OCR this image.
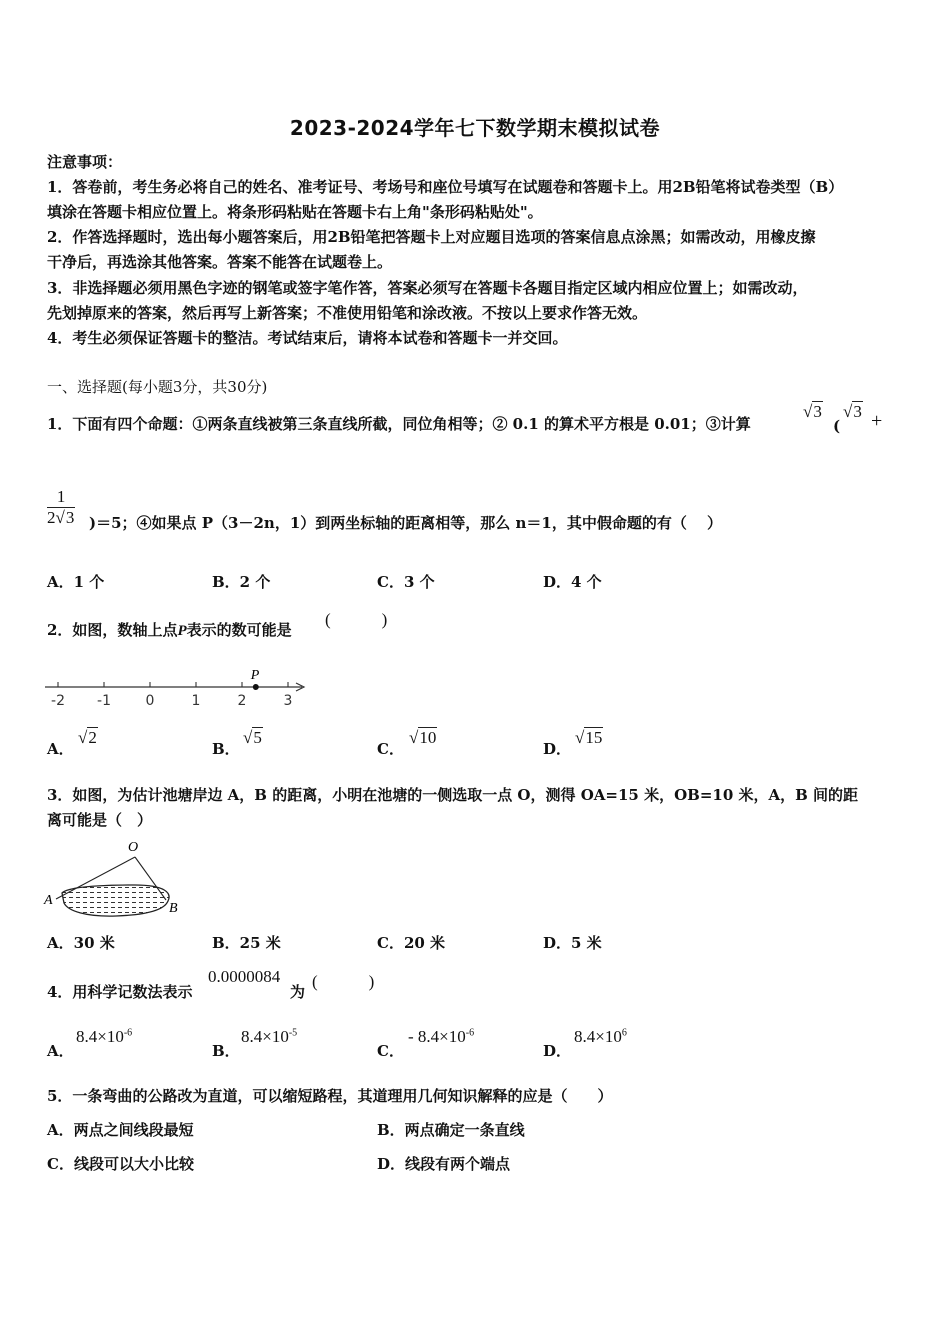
2023-2024学年七下数学期末模拟试卷
注意事项：
1．答卷前，考生务必将自己的姓名、准考证号、考场号和座位号填写在试题卷和答题卡上。用2B铅笔将试卷类型（B）
填涂在答题卡相应位置上。将条形码粘贴在答题卡右上角"条形码粘贴处"。
2．作答选择题时，选出每小题答案后，用2B铅笔把答题卡上对应题目选项的答案信息点涂黑；如需改动，用橡皮擦
干净后，再选涂其他答案。答案不能答在试题卷上。
3．非选择题必须用黑色字迹的钢笔或签字笔作答，答案必须写在答题卡各题目指定区域内相应位置上；如需改动，
先划掉原来的答案，然后再写上新答案；不准使用铅笔和涂改液。不按以上要求作答无效。
4．考生必须保证答题卡的整洁。考试结束后，请将本试卷和答题卡一并交回。
一、选择题(每小题3分，共30分)
1．下面有四个命题：①两条直线被第三条直线所截，同位角相等；② 0.1 的算术平方根是 0.01；③计算
√3
(
√3 +
$\frac{1}{2√3} )=5$；④如果点 P（3－2n，1）到两坐标轴的距离相等，那么 n＝1，其中假命题的有（　 ）
A．1 个	B．2 个	C．3 个	D．4 个
2．如图，数轴上点P表示的数可能是
(　　　)
-2 -1 0	1	2	3
P
A．
√2
B．
√5
C．
√10
D．
√15
3．如图，为估计池塘岸边 A，B 的距离，小明在池塘的一侧选取一点 O，测得 OA=15 米，OB=10 米，A，B 间的距
离可能是（　）
O
A
B
A．30 米	B．25 米	C．20 米	D．5 米
4．用科学记数法表示
0.0000084
为
(　　　)
A．
$8.4\times 10^{-6}$
B．
$8.4\times 10^{-5}$
C．
- $8.4\times 10^{-6}$
D．
$8.4\times 10^6$
5．一条弯曲的公路改为直道，可以缩短路程，其道理用几何知识解释的应是（　　）
A．两点之间线段最短	B．两点确定一条直线
C．线段可以大小比较	D．线段有两个端点
